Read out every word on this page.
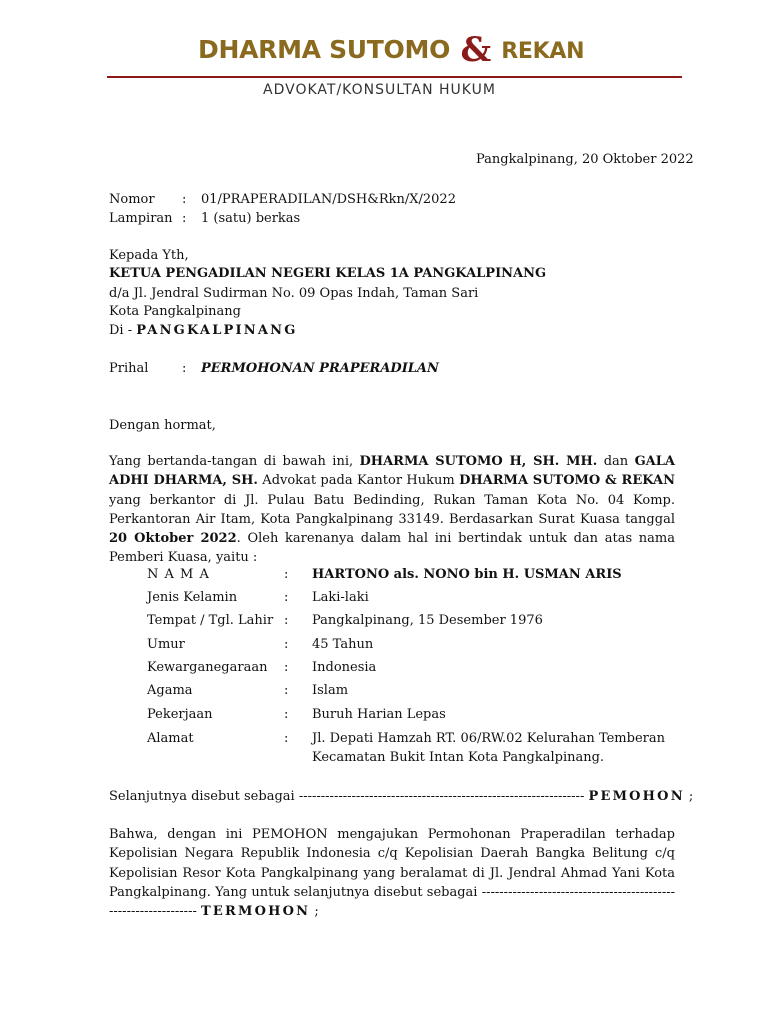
DHARMA SUTOMO & REKAN
ADVOKAT/KONSULTAN HUKUM
Pangkalpinang, 20 Oktober 2022
Nomor : 01/PRAPERADILAN/DSH&Rkn/X/2022
Lampiran : 1 (satu) berkas
Kepada Yth,
KETUA PENGADILAN NEGERI KELAS 1A PANGKALPINANG
d/a Jl. Jendral Sudirman No. 09 Opas Indah, Taman Sari
Kota Pangkalpinang
Di - PANGKALPINANG
Prihal	: PERMOHONAN PRAPERADILAN
Dengan hormat,
Yang bertanda-tangan di bawah ini, DHARMA SUTOMO H, SH. MH. dan GALA ADHI DHARMA, SH. Advokat pada Kantor Hukum DHARMA SUTOMO & REKAN yang berkantor di Jl. Pulau Batu Bedinding, Rukan Taman Kota No. 04 Komp. Perkantoran Air Itam, Kota Pangkalpinang 33149. Berdasarkan Surat Kuasa tanggal 20 Oktober 2022. Oleh karenanya dalam hal ini bertindak untuk dan atas nama Pemberi Kuasa, yaitu :
N A M A	: HARTONO als. NONO bin H. USMAN ARIS
Jenis Kelamin	: Laki-laki
Tempat / Tgl. Lahir : Pangkalpinang, 15 Desember 1976
Umur	: 45 Tahun
Kewarganegaraan : Indonesia
Agama	: Islam
Pekerjaan	: Buruh Harian Lepas
Alamat	: Jl. Depati Hamzah RT. 06/RW.02 Kelurahan Temberan
Kecamatan Bukit Intan Kota Pangkalpinang.
Selanjutnya disebut sebagai ----------------------------------------------------------------- PEMOHON ;
Bahwa, dengan ini PEMOHON mengajukan Permohonan Praperadilan terhadap Kepolisian Negara Republik Indonesia c/q Kepolisian Daerah Bangka Belitung c/q Kepolisian Resor Kota Pangkalpinang yang beralamat di Jl. Jendral Ahmad Yani Kota Pangkalpinang. Yang untuk selanjutnya disebut sebagai ---------------------------------------------------------------- TERMOHON ;
